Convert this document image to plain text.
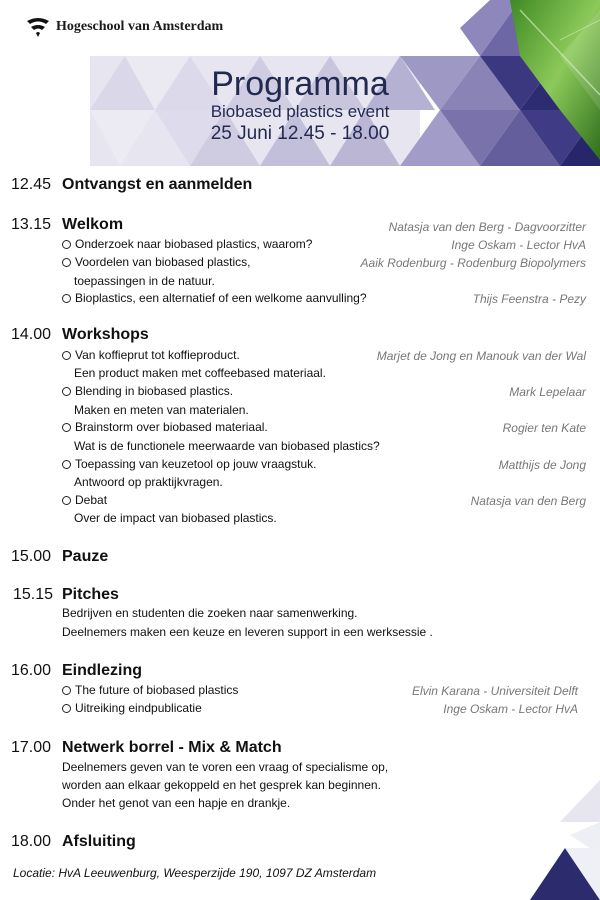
Hogeschool van Amsterdam
Programma
Biobased plastics event
25 Juni 12.45 - 18.00
12.45 Ontvangst en aanmelden
13.15 Welkom	Natasja van den Berg - Dagvoorzitter
Onderzoek naar biobased plastics, waarom?	Inge Oskam - Lector HvA
Voordelen van biobased plastics,	Aaik Rodenburg - Rodenburg Biopolymers
toepassingen in de natuur.
Bioplastics, een alternatief of een welkome aanvulling?	Thijs Feenstra - Pezy
14.00 Workshops
Van koffieprut tot koffieproduct.	Marjet de Jong en Manouk van der Wal
Een product maken met coffeebased materiaal.
Blending in biobased plastics.	Mark Lepelaar
Maken en meten van materialen.
Brainstorm over biobased materiaal.	Rogier ten Kate
Wat is de functionele meerwaarde van biobased plastics?
Toepassing van keuzetool op jouw vraagstuk.	Matthijs de Jong
Antwoord op praktijkvragen.
Debat	Natasja van den Berg
Over de impact van biobased plastics.
15.00 Pauze
15.15 Pitches
Bedrijven en studenten die zoeken naar samenwerking.
Deelnemers maken een keuze en leveren support in een werksessie .
16.00 Eindlezing
The future of biobased plastics	Elvin Karana - Universiteit Delft
Uitreiking eindpublicatie	Inge Oskam - Lector HvA
17.00 Netwerk borrel - Mix & Match
Deelnemers geven van te voren een vraag of specialisme op,
worden aan elkaar gekoppeld en het gesprek kan beginnen.
Onder het genot van een hapje en drankje.
18.00 Afsluiting
Locatie: HvA Leeuwenburg, Weesperzijde 190, 1097 DZ Amsterdam
